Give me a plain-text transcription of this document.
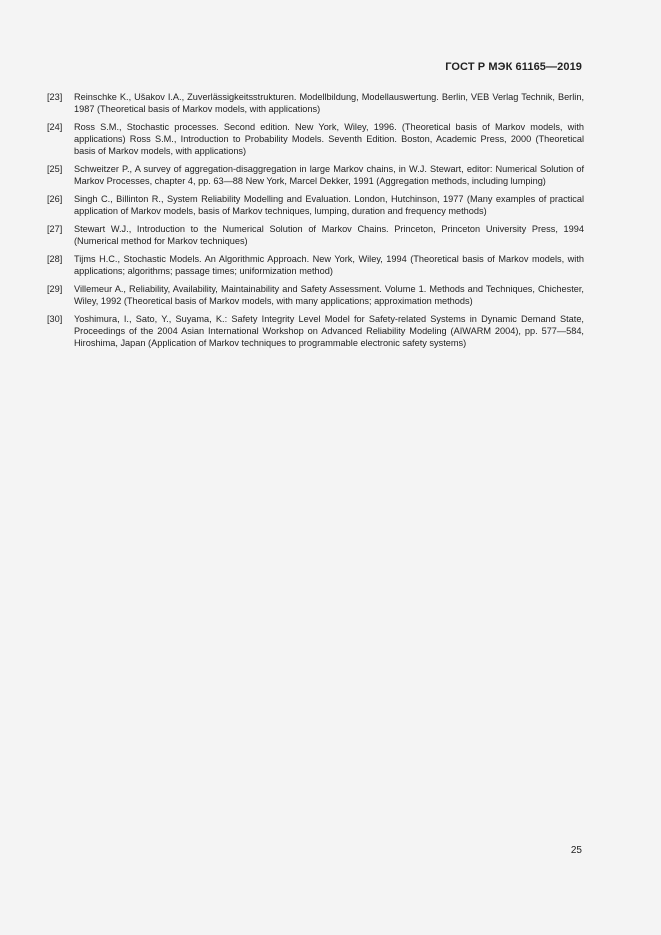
ГОСТ Р МЭК 61165—2019
[23]	Reinschke K., Ušakov I.A., Zuverlässigkeitsstrukturen. Modellbildung, Modellauswertung. Berlin, VEB Verlag Technik, Berlin, 1987 (Theoretical basis of Markov models, with applications)
[24]	Ross S.M., Stochastic processes. Second edition. New York, Wiley, 1996. (Theoretical basis of Markov models, with applications) Ross S.M., Introduction to Probability Models. Seventh Edition. Boston, Academic Press, 2000 (Theoretical basis of Markov models, with applications)
[25]	Schweitzer P., A survey of aggregation-disaggregation in large Markov chains, in W.J. Stewart, editor: Numerical Solution of Markov Processes, chapter 4, pp. 63—88 New York, Marcel Dekker, 1991 (Aggregation methods, including lumping)
[26]	Singh C., Billinton R., System Reliability Modelling and Evaluation. London, Hutchinson, 1977 (Many examples of practical application of Markov models, basis of Markov techniques, lumping, duration and frequency methods)
[27]	Stewart W.J., Introduction to the Numerical Solution of Markov Chains. Princeton, Princeton University Press, 1994 (Numerical method for Markov techniques)
[28]	Tijms H.C., Stochastic Models. An Algorithmic Approach. New York, Wiley, 1994 (Theoretical basis of Markov models, with applications; algorithms; passage times; uniformization method)
[29]	Villemeur A., Reliability, Availability, Maintainability and Safety Assessment. Volume 1. Methods and Techniques, Chichester, Wiley, 1992 (Theoretical basis of Markov models, with many applications; approximation methods)
[30]	Yoshimura, I., Sato, Y., Suyama, K.: Safety Integrity Level Model for Safety-related Systems in Dynamic Demand State, Proceedings of the 2004 Asian International Workshop on Advanced Reliability Modeling (AIWARM 2004), pp. 577—584, Hiroshima, Japan (Application of Markov techniques to programmable electronic safety systems)
25
